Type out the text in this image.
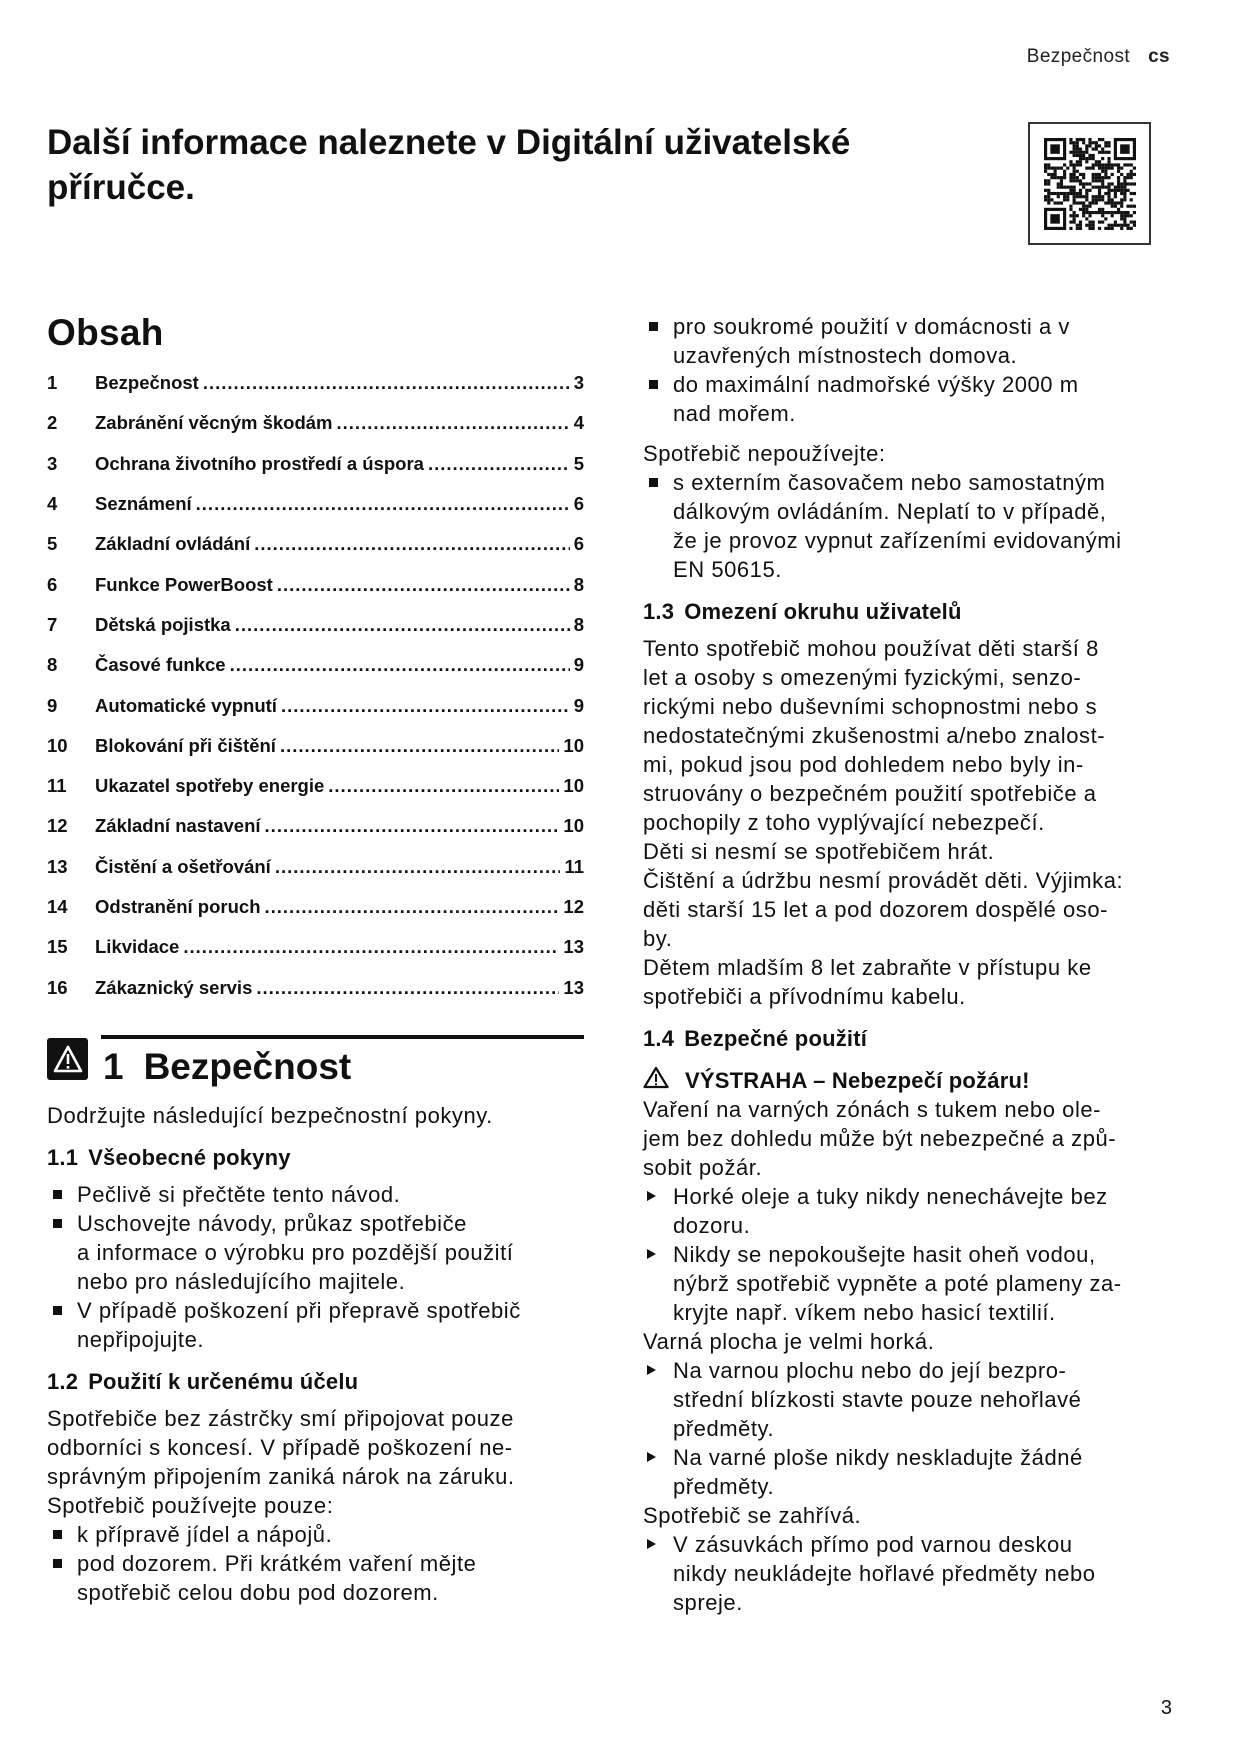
Bezpečnost cs
Další informace naleznete v Digitální uživatelské
příručce.
Obsah
1	Bezpečnost .....	3
2	Zabránění věcným škodám .....	4
3	Ochrana životního prostředí a úspora .....	5
4	Seznámení .....	6
5	Základní ovládání .....	6
6	Funkce PowerBoost .....	8
7	Dětská pojistka .....	8
8	Časové funkce .....	9
9	Automatické vypnutí .....	9
10	Blokování při čištění .....	10
11	Ukazatel spotřeby energie .....	10
12	Základní nastavení .....	10
13	Čistění a ošetřování .....	11
14	Odstranění poruch .....	12
15	Likvidace .....	13
16	Zákaznický servis .....	13
1 Bezpečnost
Dodržujte následující bezpečnostní pokyny.
1.1 Všeobecné pokyny
Pečlivě si přečtěte tento návod.
Uschovejte návody, průkaz spotřebiče
a informace o výrobku pro pozdější použití
nebo pro následujícího majitele.
V případě poškození při přepravě spotřebič
nepřipojujte.
1.2 Použití k určenému účelu
Spotřebiče bez zástrčky smí připojovat pouze
odborníci s koncesí. V případě poškození ne-
správným připojením zaniká nárok na záruku.
Spotřebič používejte pouze:
k přípravě jídel a nápojů.
pod dozorem. Při krátkém vaření mějte
spotřebič celou dobu pod dozorem.
pro soukromé použití v domácnosti a v
uzavřených místnostech domova.
do maximální nadmořské výšky 2000 m
nad mořem.
Spotřebič nepoužívejte:
s externím časovačem nebo samostatným
dálkovým ovládáním. Neplatí to v případě,
že je provoz vypnut zařízeními evidovanými
EN 50615.
1.3 Omezení okruhu uživatelů
Tento spotřebič mohou používat děti starší 8
let a osoby s omezenými fyzickými, senzo-
rickými nebo duševními schopnostmi nebo s
nedostatečnými zkušenostmi a/nebo znalost-
mi, pokud jsou pod dohledem nebo byly in-
struovány o bezpečném použití spotřebiče a
pochopily z toho vyplývající nebezpečí.
Děti si nesmí se spotřebičem hrát.
Čištění a údržbu nesmí provádět děti. Výjimka:
děti starší 15 let a pod dozorem dospělé oso-
by.
Dětem mladším 8 let zabraňte v přístupu ke
spotřebiči a přívodnímu kabelu.
1.4 Bezpečné použití
VÝSTRAHA – Nebezpečí požáru!
Vaření na varných zónách s tukem nebo ole-
jem bez dohledu může být nebezpečné a způ-
sobit požár.
Horké oleje a tuky nikdy nenechávejte bez
dozoru.
Nikdy se nepokoušejte hasit oheň vodou,
nýbrž spotřebič vypněte a poté plameny za-
kryjte např. víkem nebo hasicí textilií.
Varná plocha je velmi horká.
Na varnou plochu nebo do její bezpro-
střední blízkosti stavte pouze nehořlavé
předměty.
Na varné ploše nikdy neskladujte žádné
předměty.
Spotřebič se zahřívá.
V zásuvkách přímo pod varnou deskou
nikdy neukládejte hořlavé předměty nebo
spreje.
3
